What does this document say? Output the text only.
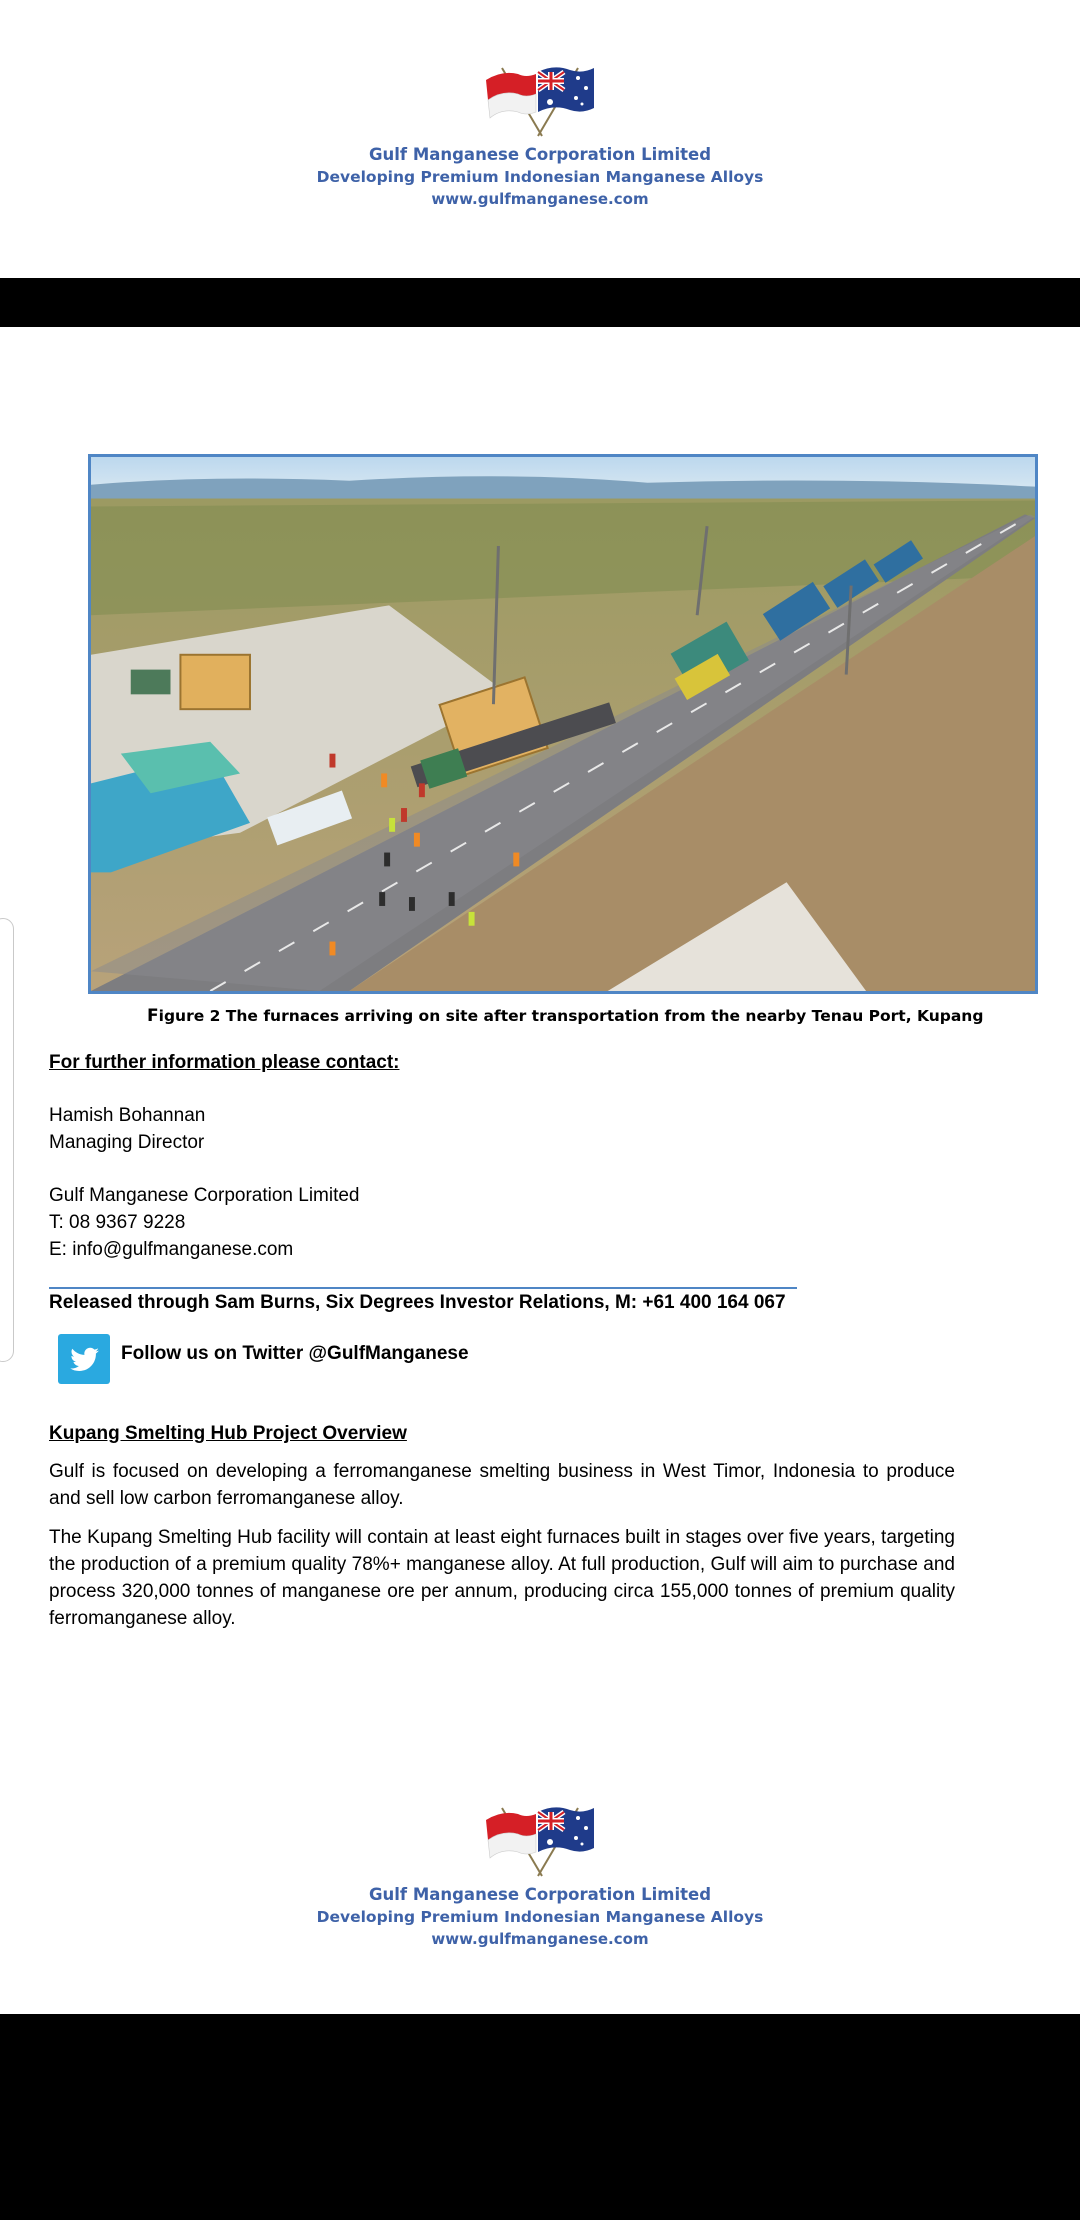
Gulf Manganese Corporation Limited
Developing Premium Indonesian Manganese Alloys
www.gulfmanganese.com
Figure 2 The furnaces arriving on site after transportation from the nearby Tenau Port, Kupang
For further information please contact:
Hamish Bohannan
Managing Director
Gulf Manganese Corporation Limited
T: 08 9367 9228
E: info@gulfmanganese.com
Released through Sam Burns, Six Degrees Investor Relations, M: +61 400 164 067
Follow us on Twitter @GulfManganese
Kupang Smelting Hub Project Overview
Gulf is focused on developing a ferromanganese smelting business in West Timor, Indonesia to produce and sell low carbon ferromanganese alloy.
The Kupang Smelting Hub facility will contain at least eight furnaces built in stages over five years, targeting the production of a premium quality 78%+ manganese alloy. At full production, Gulf will aim to purchase and process 320,000 tonnes of manganese ore per annum, producing circa 155,000 tonnes of premium quality ferromanganese alloy.
Gulf Manganese Corporation Limited
Developing Premium Indonesian Manganese Alloys
www.gulfmanganese.com
